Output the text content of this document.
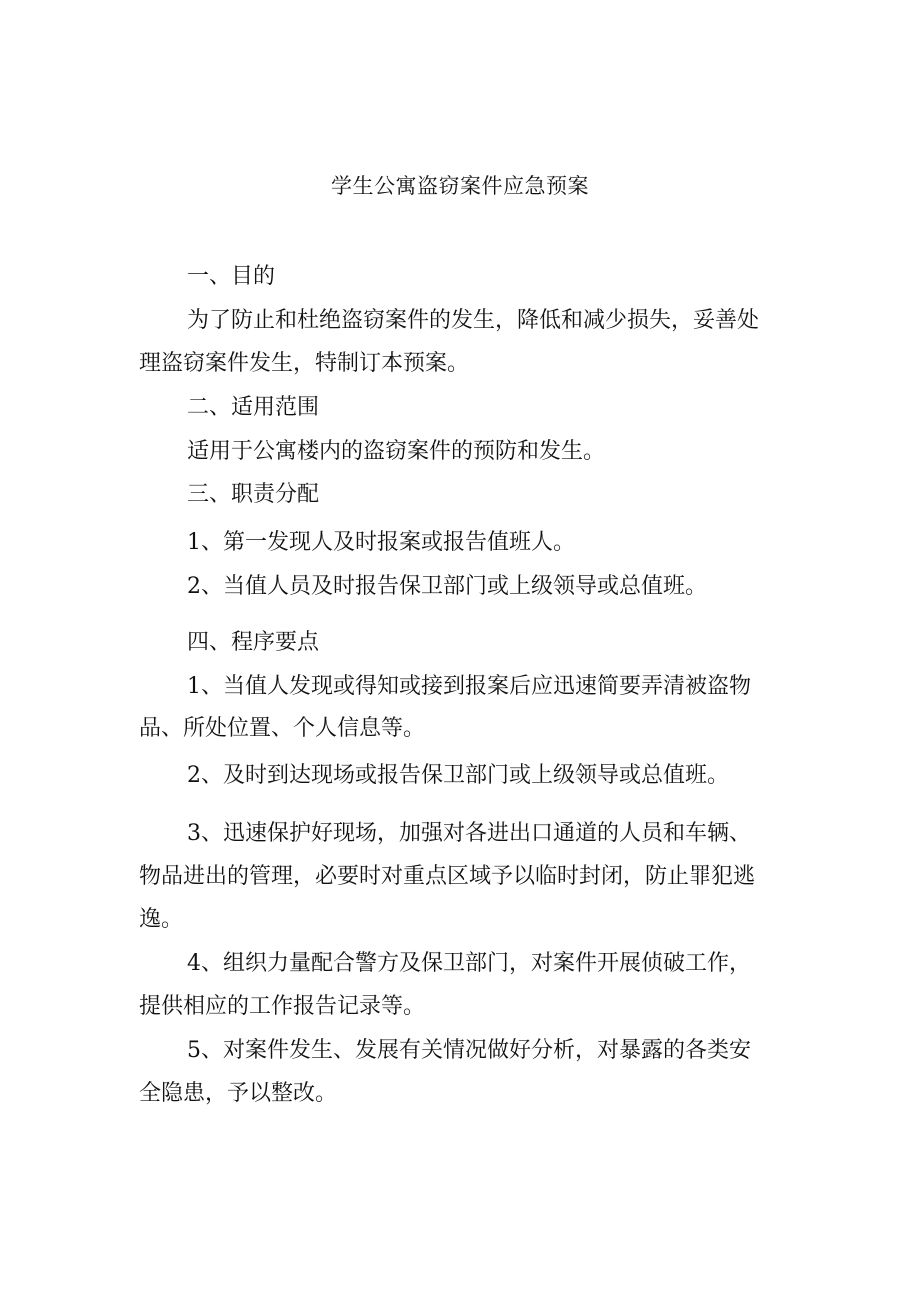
学生公寓盗窃案件应急预案
一、目的
为了防止和杜绝盗窃案件的发生，降低和减少损失，妥善处
理盗窃案件发生，特制订本预案。
二、适用范围
适用于公寓楼内的盗窃案件的预防和发生。
三、职责分配
1、第一发现人及时报案或报告值班人。
2、当值人员及时报告保卫部门或上级领导或总值班。
四、程序要点
1、当值人发现或得知或接到报案后应迅速简要弄清被盗物
品、所处位置、个人信息等。
2、及时到达现场或报告保卫部门或上级领导或总值班。
3、迅速保护好现场，加强对各进出口通道的人员和车辆、
物品进出的管理，必要时对重点区域予以临时封闭，防止罪犯逃
逸。
4、组织力量配合警方及保卫部门，对案件开展侦破工作，
提供相应的工作报告记录等。
5、对案件发生、发展有关情况做好分析，对暴露的各类安
全隐患，予以整改。
